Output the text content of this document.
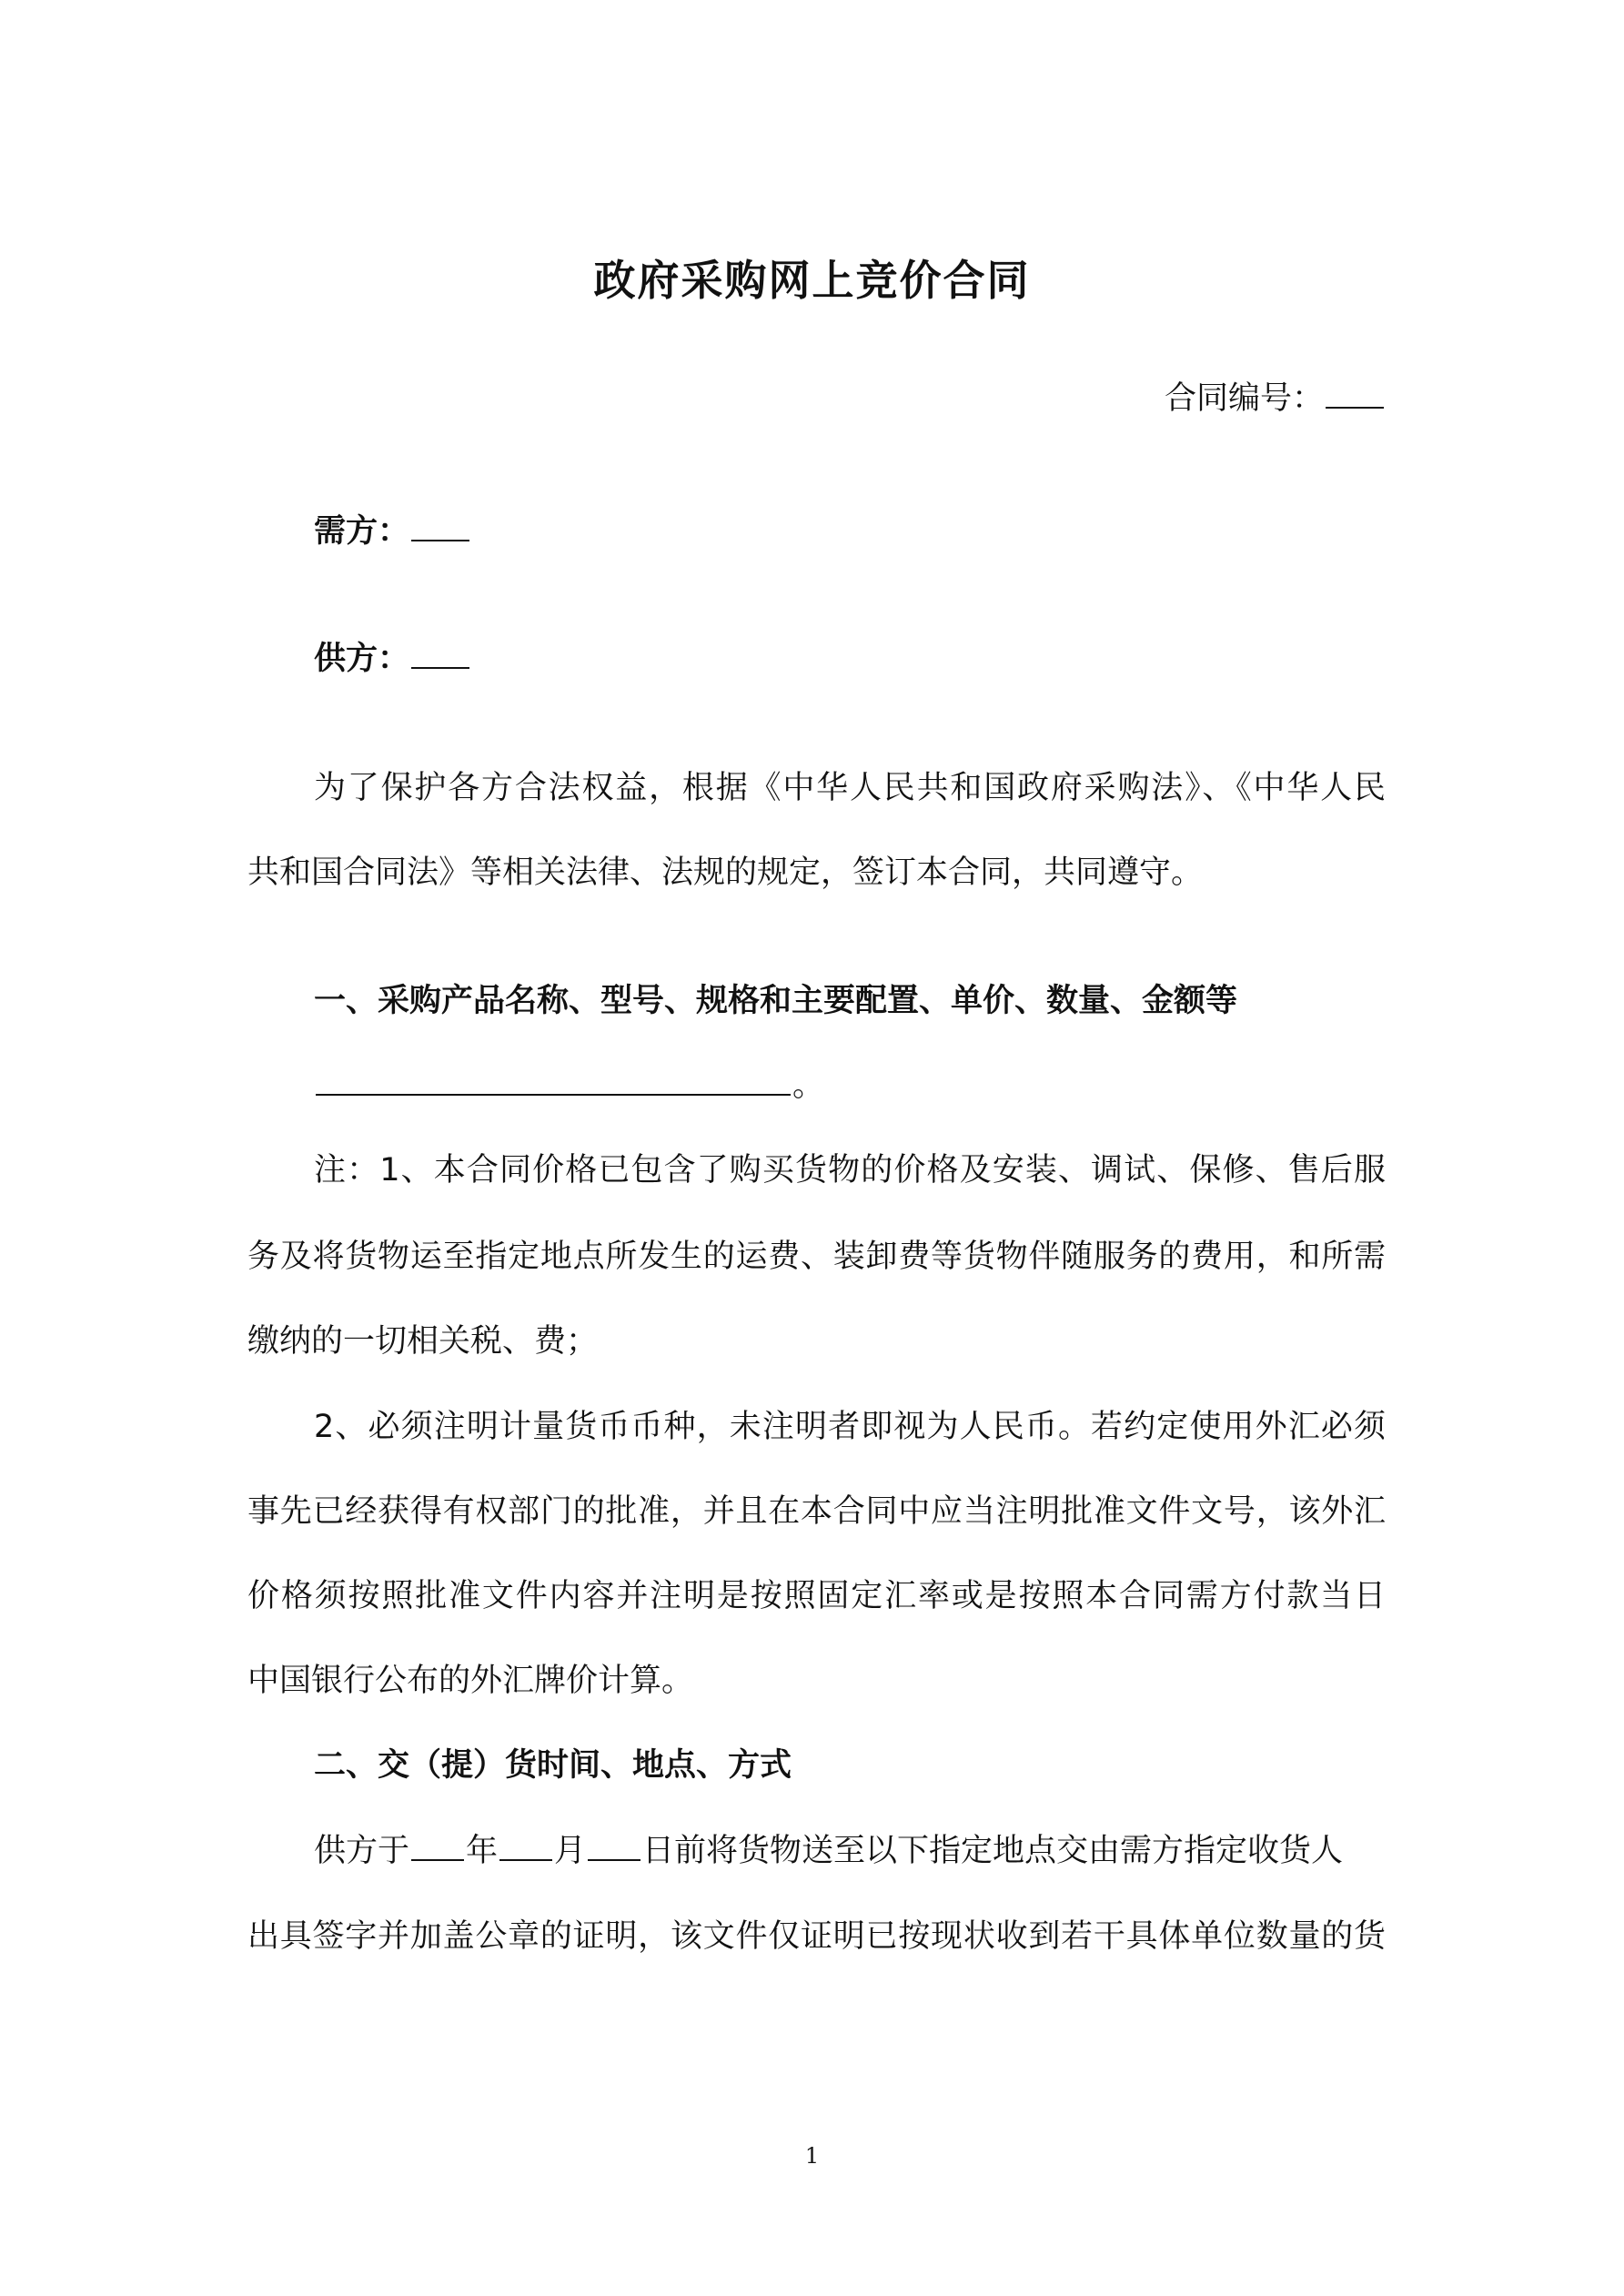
政府采购网上竞价合同
合同编号：
需方：
供方：
为了保护各方合法权益，根据《中华人民共和国政府采购法》、《中华人民
共和国合同法》等相关法律、法规的规定，签订本合同，共同遵守。
一、采购产品名称、型号、规格和主要配置、单价、数量、金额等
。
注：1、本合同价格已包含了购买货物的价格及安装、调试、保修、售后服
务及将货物运至指定地点所发生的运费、装卸费等货物伴随服务的费用，和所需
缴纳的一切相关税、费；
2、必须注明计量货币币种，未注明者即视为人民币。若约定使用外汇必须
事先已经获得有权部门的批准，并且在本合同中应当注明批准文件文号，该外汇
价格须按照批准文件内容并注明是按照固定汇率或是按照本合同需方付款当日
中国银行公布的外汇牌价计算。
二、交（提）货时间、地点、方式
供方于 年 月 日前将货物送至以下指定地点交由需方指定收货人
出具签字并加盖公章的证明，该文件仅证明已按现状收到若干具体单位数量的货
1
